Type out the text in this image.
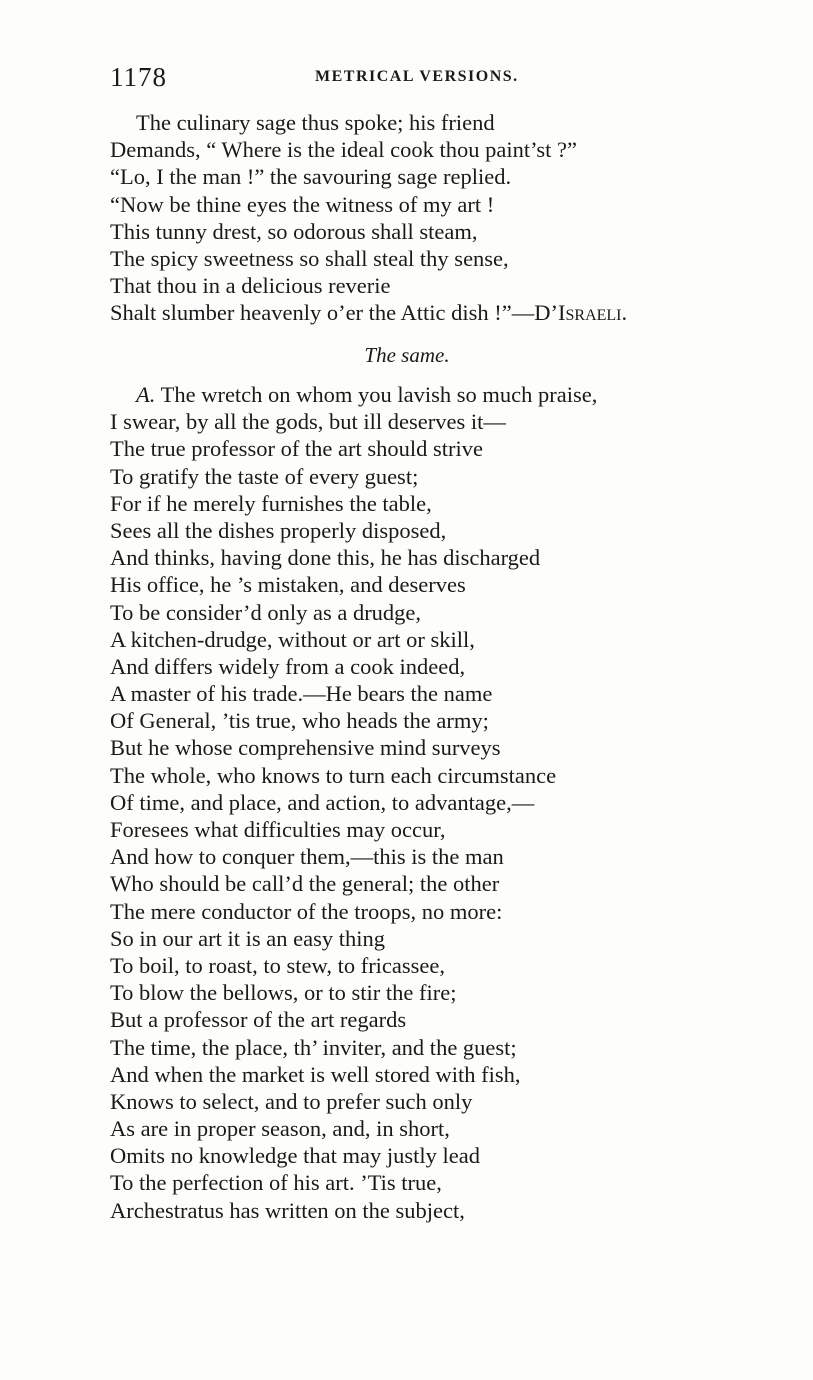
1178	METRICAL VERSIONS.
The culinary sage thus spoke; his friend
Demands, “ Where is the ideal cook thou paint’st ?”
“Lo, I the man !” the savouring sage replied.
“Now be thine eyes the witness of my art !
This tunny drest, so odorous shall steam,
The spicy sweetness so shall steal thy sense,
That thou in a delicious reverie
Shalt slumber heavenly o’er the Attic dish !”—D’Israeli.
The same.
A. The wretch on whom you lavish so much praise,
I swear, by all the gods, but ill deserves it—
The true professor of the art should strive
To gratify the taste of every guest;
For if he merely furnishes the table,
Sees all the dishes properly disposed,
And thinks, having done this, he has discharged
His office, he ’s mistaken, and deserves
To be consider’d only as a drudge,
A kitchen-drudge, without or art or skill,
And differs widely from a cook indeed,
A master of his trade.—He bears the name
Of General, ’tis true, who heads the army;
But he whose comprehensive mind surveys
The whole, who knows to turn each circumstance
Of time, and place, and action, to advantage,—
Foresees what difficulties may occur,
And how to conquer them,—this is the man
Who should be call’d the general; the other
The mere conductor of the troops, no more:
So in our art it is an easy thing
To boil, to roast, to stew, to fricassee,
To blow the bellows, or to stir the fire;
But a professor of the art regards
The time, the place, th’ inviter, and the guest;
And when the market is well stored with fish,
Knows to select, and to prefer such only
As are in proper season, and, in short,
Omits no knowledge that may justly lead
To the perfection of his art. ’Tis true,
Archestratus has written on the subject,
